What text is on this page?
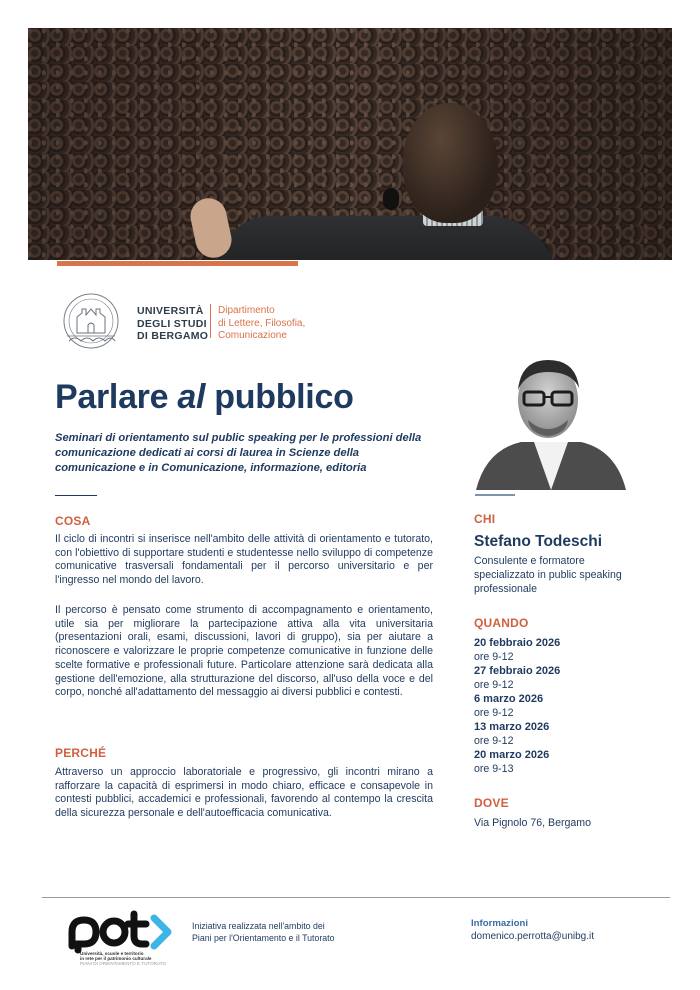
UNIVERSITÀ
DEGLI STUDI
DI BERGAMO
Dipartimento
di Lettere, Filosofia,
Comunicazione
Parlare al pubblico

Seminari di orientamento sul public speaking per le professioni della comunicazione dedicati ai corsi di laurea in Scienze della comunicazione e in Comunicazione, informazione, editoria

COSA

Il ciclo di incontri si inserisce nell'ambito delle attività di orientamento e tutorato, con l'obiettivo di supportare studenti e studentesse nello sviluppo di competenze comunicative trasversali fondamentali per il percorso universitario e per l'ingresso nel mondo del lavoro.

Il percorso è pensato come strumento di accompagnamento e orientamento, utile sia per migliorare la partecipazione attiva alla vita universitaria (presentazioni orali, esami, discussioni, lavori di gruppo), sia per aiutare a riconoscere e valorizzare le proprie competenze comunicative in funzione delle scelte formative e professionali future. Particolare attenzione sarà dedicata alla gestione dell'emozione, alla strutturazione del discorso, all'uso della voce e del corpo, nonché all'adattamento del messaggio ai diversi pubblici e contesti.

PERCHÉ

Attraverso un approccio laboratoriale e progressivo, gli incontri mirano a rafforzare la capacità di esprimersi in modo chiaro, efficace e consapevole in contesti pubblici, accademici e professionali, favorendo al contempo la crescita della sicurezza personale e dell'autoefficacia comunicativa.

CHI
Stefano Todeschi
Consulente e formatore specializzato in public speaking professionale
QUANDO
20 febbraio 2026
ore 9-12
27 febbraio 2026
ore 9-12
6 marzo 2026
ore 9-12
13 marzo 2026
ore 9-12
20 marzo 2026
ore 9-13
DOVE
Via Pignolo 76, Bergamo
Università, scuole e territorio
in rete per il patrimonio culturale
PIANI DI ORIENTAMENTO E TUTORATO
Iniziativa realizzata nell'ambito dei
Piani per l'Orientamento e il Tutorato
Informazioni
domenico.perrotta@unibg.it
